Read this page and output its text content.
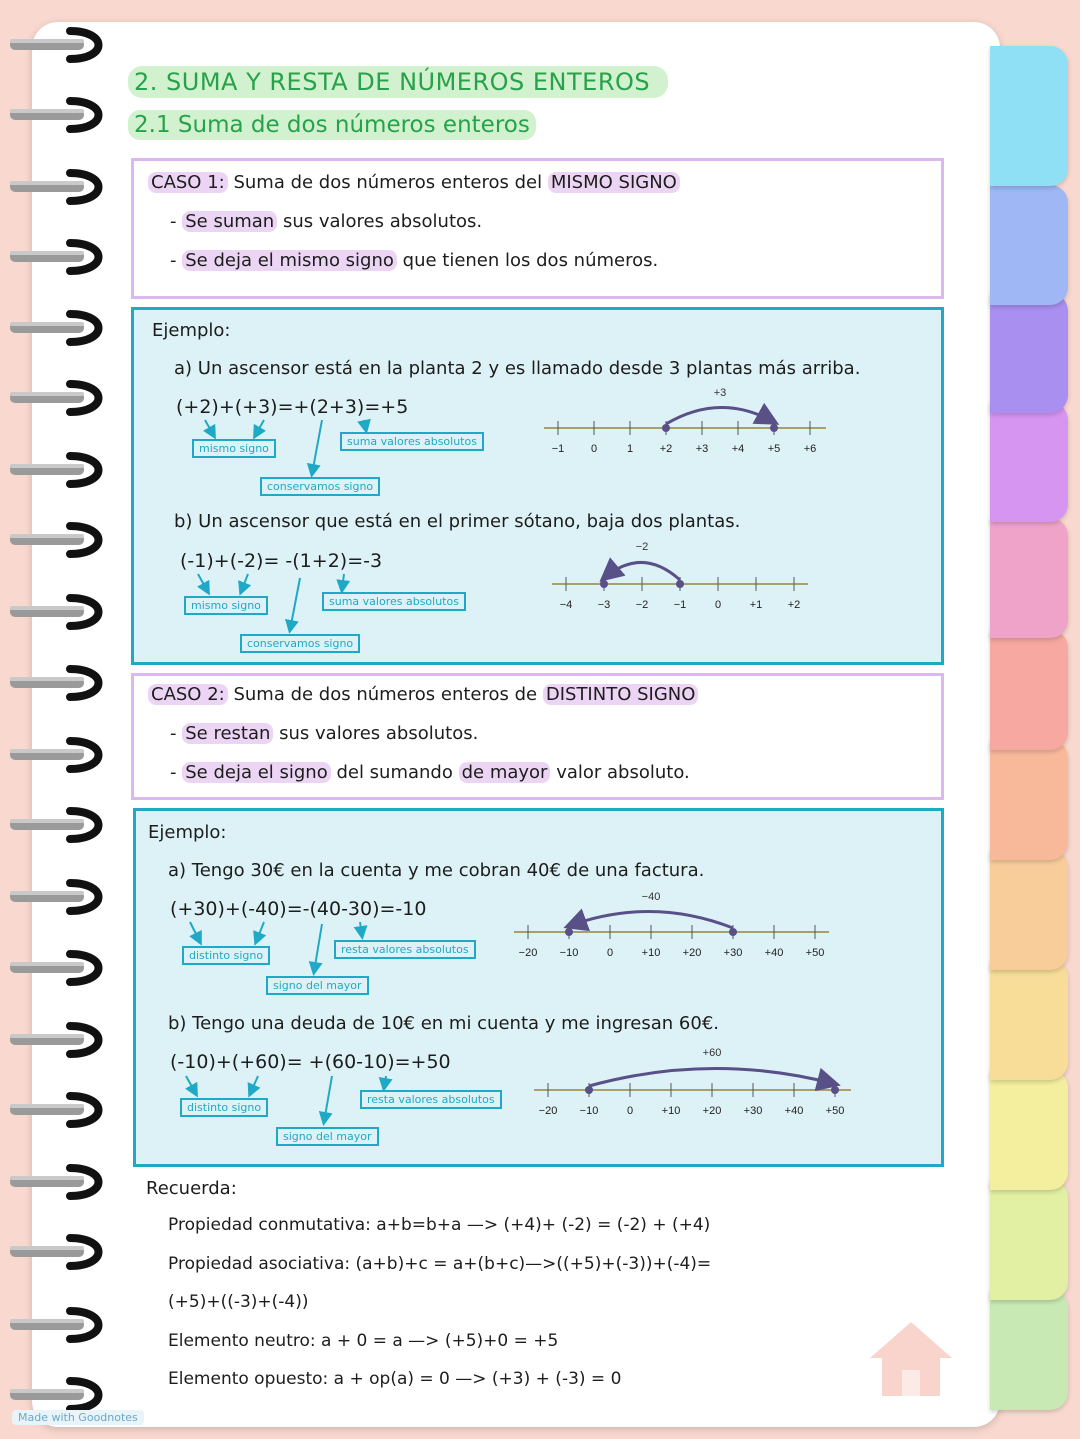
2. SUMA Y RESTA DE NÚMEROS ENTEROS
2.1 Suma de dos números enteros
CASO 1: Suma de dos números enteros del MISMO SIGNO
- Se suman sus valores absolutos.
- Se deja el mismo signo que tienen los dos números.
Ejemplo:
a) Un ascensor está en la planta 2 y es llamado desde 3 plantas más arriba.
(+2)+(+3)=+(2+3)=+5
mismo signo
suma valores absolutos
conservamos signo
−1 0	1 +2 +3 +4 +5 +6
+3
b) Un ascensor que está en el primer sótano, baja dos plantas.
(-1)+(-2)= -(1+2)=-3
mismo signo	suma valores absolutos
conservamos signo
−4 −3 −2 −1	0	+1 +2
−2
CASO 2: Suma de dos números enteros de DISTINTO SIGNO
- Se restan sus valores absolutos.
- Se deja el signo del sumando de mayor valor absoluto.
Ejemplo:
a) Tengo 30€ en la cuenta y me cobran 40€ de una factura.
(+30)+(-40)=-(40-30)=-10
distinto signo	resta valores absolutos
signo del mayor
−20 −10	0	+10 +20 +30 +40 +50
−40
b) Tengo una deuda de 10€ en mi cuenta y me ingresan 60€.
(-10)+(+60)= +(60-10)=+50
distinto signo
resta valores absolutos
signo del mayor
−20 −10	0	+10 +20 +30 +40 +50
+60
Recuerda:
Propiedad conmutativa: a+b=b+a —> (+4)+ (-2) = (-2) + (+4)
Propiedad asociativa: (a+b)+c = a+(b+c)—>((+5)+(-3))+(-4)=
(+5)+((-3)+(-4))
Elemento neutro: a + 0 = a —> (+5)+0 = +5
Elemento opuesto: a + op(a) = 0 —> (+3) + (-3) = 0
Made with Goodnotes
